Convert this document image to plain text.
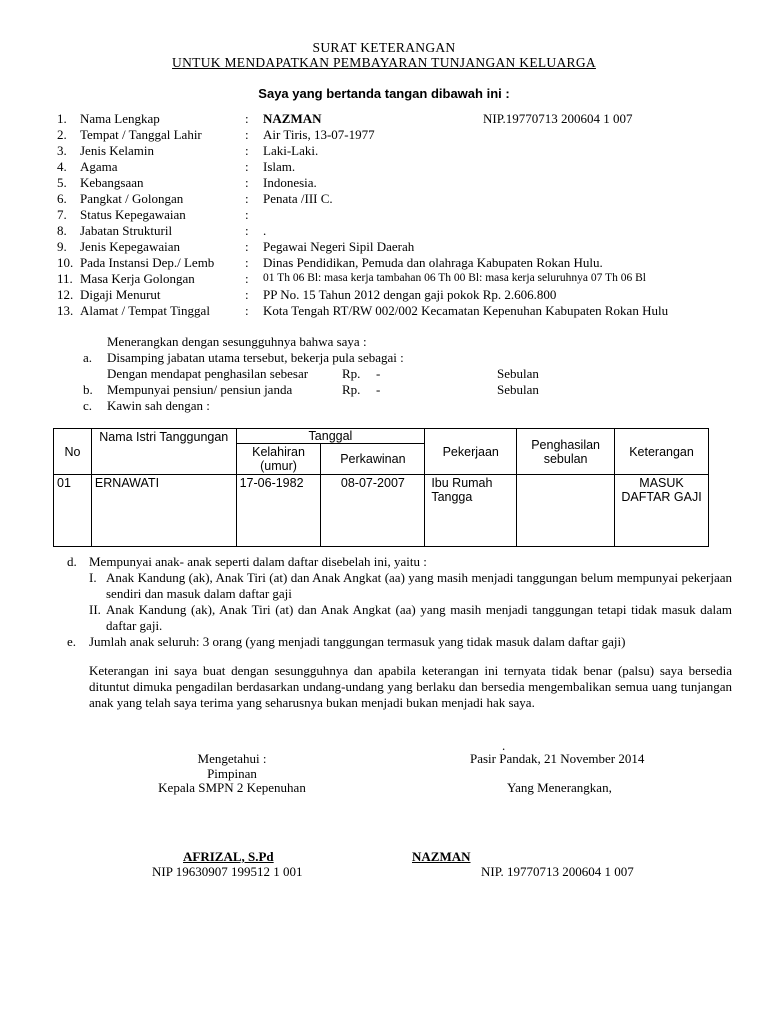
SURAT KETERANGAN
UNTUK MENDAPATKAN PEMBAYARAN TUNJANGAN KELUARGA
Saya yang bertanda tangan dibawah ini :
1. Nama Lengkap	: NAZMAN	NIP.19770713 200604 1 007
2. Tempat / Tanggal Lahir	: Air Tiris, 13-07-1977
3. Jenis Kelamin	: Laki-Laki.
4. Agama	: Islam.
5. Kebangsaan	: Indonesia.
6. Pangkat / Golongan	: Penata /III C.
7. Status Kepegawaian	:
8. Jabatan Strukturil	: .
9. Jenis Kepegawaian	: Pegawai Negeri Sipil Daerah
10. Pada Instansi Dep./ Lemb : Dinas Pendidikan, Pemuda dan olahraga Kabupaten Rokan Hulu.
11. Masa Kerja Golongan	: 01 Th 06 Bl: masa kerja tambahan 06 Th 00 Bl: masa kerja seluruhnya 07 Th 06 Bl
12. Digaji Menurut	: PP No. 15 Tahun 2012 dengan gaji pokok Rp. 2.606.800
13. Alamat / Tempat Tinggal	: Kota Tengah RT/RW 002/002 Kecamatan Kepenuhan Kabupaten Rokan Hulu
Menerangkan dengan sesungguhnya bahwa saya :
a. Disamping jabatan utama tersebut, bekerja pula sebagai :
Dengan mendapat penghasilan sebesar	Rp. -	Sebulan
b. Mempunyai pensiun/ pensiun janda	Rp. -	Sebulan
c. Kawin sah dengan :
No	Nama Istri Tanggungan	Tanggal		Pekerjaan	Penghasilan sebulan	Keterangan
		Kelahiran (umur)	Perkawinan			
01	ERNAWATI	17-06-1982	08-07-2007	Ibu Rumah Tangga		MASUK DAFTAR GAJI
d. Mempunyai anak- anak seperti dalam daftar disebelah ini, yaitu :
I. Anak Kandung (ak), Anak Tiri (at) dan Anak Angkat (aa) yang masih menjadi tanggungan belum mempunyai pekerjaan sendiri dan masuk dalam daftar gaji
II. Anak Kandung (ak), Anak Tiri (at) dan Anak Angkat (aa) yang masih menjadi tanggungan tetapi tidak masuk dalam daftar gaji.
e. Jumlah anak seluruh: 3 orang (yang menjadi tanggungan termasuk yang tidak masuk dalam daftar gaji)
Keterangan ini saya buat dengan sesungguhnya dan apabila keterangan ini ternyata tidak benar (palsu) saya bersedia dituntut dimuka pengadilan berdasarkan undang-undang yang berlaku dan bersedia mengembalikan semua uang tunjangan anak yang telah saya terima yang seharusnya bukan menjadi bukan menjadi hak saya.
.
Mengetahui :
Pimpinan
Kepala SMPN 2 Kepenuhan
Pasir Pandak, 21 November 2014
Yang Menerangkan,
AFRIZAL, S.Pd
NIP 19630907 199512 1 001
NAZMAN
NIP. 19770713 200604 1 007
